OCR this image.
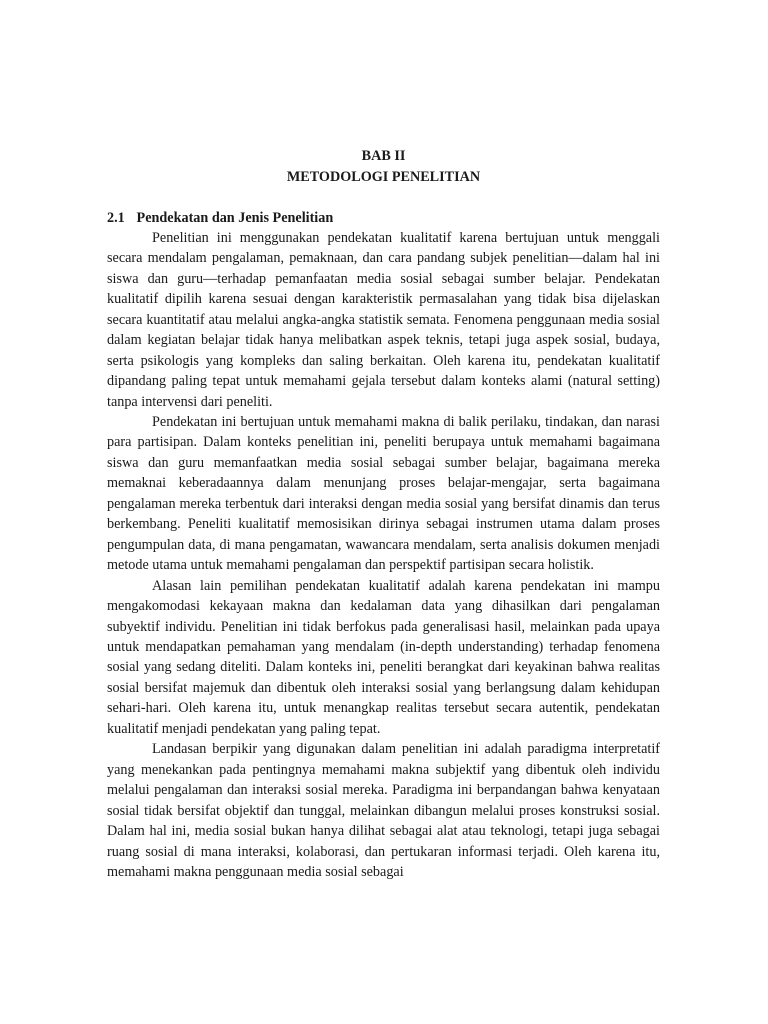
BAB II

METODOLOGI PENELITIAN

2.1 Pendekatan dan Jenis Penelitian

Penelitian ini menggunakan pendekatan kualitatif karena bertujuan untuk menggali secara mendalam pengalaman, pemaknaan, dan cara pandang subjek penelitian—dalam hal ini siswa dan guru—terhadap pemanfaatan media sosial sebagai sumber belajar. Pendekatan kualitatif dipilih karena sesuai dengan karakteristik permasalahan yang tidak bisa dijelaskan secara kuantitatif atau melalui angka-angka statistik semata. Fenomena penggunaan media sosial dalam kegiatan belajar tidak hanya melibatkan aspek teknis, tetapi juga aspek sosial, budaya, serta psikologis yang kompleks dan saling berkaitan. Oleh karena itu, pendekatan kualitatif dipandang paling tepat untuk memahami gejala tersebut dalam konteks alami (natural setting) tanpa intervensi dari peneliti.

Pendekatan ini bertujuan untuk memahami makna di balik perilaku, tindakan, dan narasi para partisipan. Dalam konteks penelitian ini, peneliti berupaya untuk memahami bagaimana siswa dan guru memanfaatkan media sosial sebagai sumber belajar, bagaimana mereka memaknai keberadaannya dalam menunjang proses belajar-mengajar, serta bagaimana pengalaman mereka terbentuk dari interaksi dengan media sosial yang bersifat dinamis dan terus berkembang. Peneliti kualitatif memosisikan dirinya sebagai instrumen utama dalam proses pengumpulan data, di mana pengamatan, wawancara mendalam, serta analisis dokumen menjadi metode utama untuk memahami pengalaman dan perspektif partisipan secara holistik.

Alasan lain pemilihan pendekatan kualitatif adalah karena pendekatan ini mampu mengakomodasi kekayaan makna dan kedalaman data yang dihasilkan dari pengalaman subyektif individu. Penelitian ini tidak berfokus pada generalisasi hasil, melainkan pada upaya untuk mendapatkan pemahaman yang mendalam (in-depth understanding) terhadap fenomena sosial yang sedang diteliti. Dalam konteks ini, peneliti berangkat dari keyakinan bahwa realitas sosial bersifat majemuk dan dibentuk oleh interaksi sosial yang berlangsung dalam kehidupan sehari-hari. Oleh karena itu, untuk menangkap realitas tersebut secara autentik, pendekatan kualitatif menjadi pendekatan yang paling tepat.

Landasan berpikir yang digunakan dalam penelitian ini adalah paradigma interpretatif yang menekankan pada pentingnya memahami makna subjektif yang dibentuk oleh individu melalui pengalaman dan interaksi sosial mereka. Paradigma ini berpandangan bahwa kenyataan sosial tidak bersifat objektif dan tunggal, melainkan dibangun melalui proses konstruksi sosial. Dalam hal ini, media sosial bukan hanya dilihat sebagai alat atau teknologi, tetapi juga sebagai ruang sosial di mana interaksi, kolaborasi, dan pertukaran informasi terjadi. Oleh karena itu, memahami makna penggunaan media sosial sebagai
